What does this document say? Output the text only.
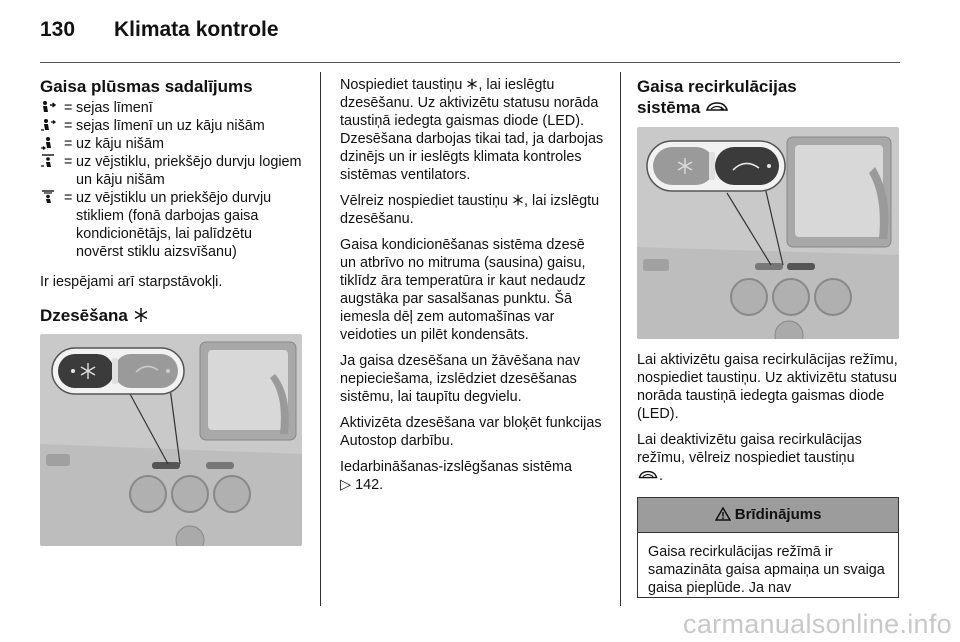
130 Klimata kontrole
Gaisa plūsmas sadalījums
= sejas līmenī
= sejas līmenī un uz kāju nišām
= uz kāju nišām
= uz vējstiklu, priekšējo durvju logiem un kāju nišām
= uz vējstiklu un priekšējo durvju stikliem (fonā darbojas gaisa kondicionētājs, lai palīdzētu novērst stiklu aizsvīšanu)

Ir iespējami arī starpstāvokļi.

Dzesēšana

Nospiediet taustiņu , lai ieslēgtu dzesēšanu. Uz aktivizētu statusu norāda taustiņā iedegta gaismas diode (LED). Dzesēšana darbojas tikai tad, ja darbojas dzinējs un ir ieslēgts klimata kontroles sistēmas ventilators.

Vēlreiz nospiediet taustiņu , lai izslēgtu dzesēšanu.

Gaisa kondicionēšanas sistēma dzesē un atbrīvo no mitruma (sausina) gaisu, tiklīdz āra temperatūra ir kaut nedaudz augstāka par sasalšanas punktu. Šā iemesla dēļ zem automašīnas var veidoties un pilēt kondensāts.

Ja gaisa dzesēšana un žāvēšana nav nepieciešama, izslēdziet dzesēšanas sistēmu, lai taupītu degvielu.

Aktivizēta dzesēšana var bloķēt funkcijas Autostop darbību.

Iedarbināšanas-izslēgšanas sistēma
▷ 142.

Gaisa recirkulācijas
sistēma

Lai aktivizētu gaisa recirkulācijas režīmu, nospiediet taustiņu. Uz aktivizētu statusu norāda taustiņā iedegta gaismas diode (LED).

Lai deaktivizētu gaisa recirkulācijas režīmu, vēlreiz nospiediet taustiņu
.

Brīdinājums
Gaisa recirkulācijas režīmā ir samazināta gaisa apmaiņa un svaiga gaisa pieplūde. Ja nav
carmanualsonline.info
